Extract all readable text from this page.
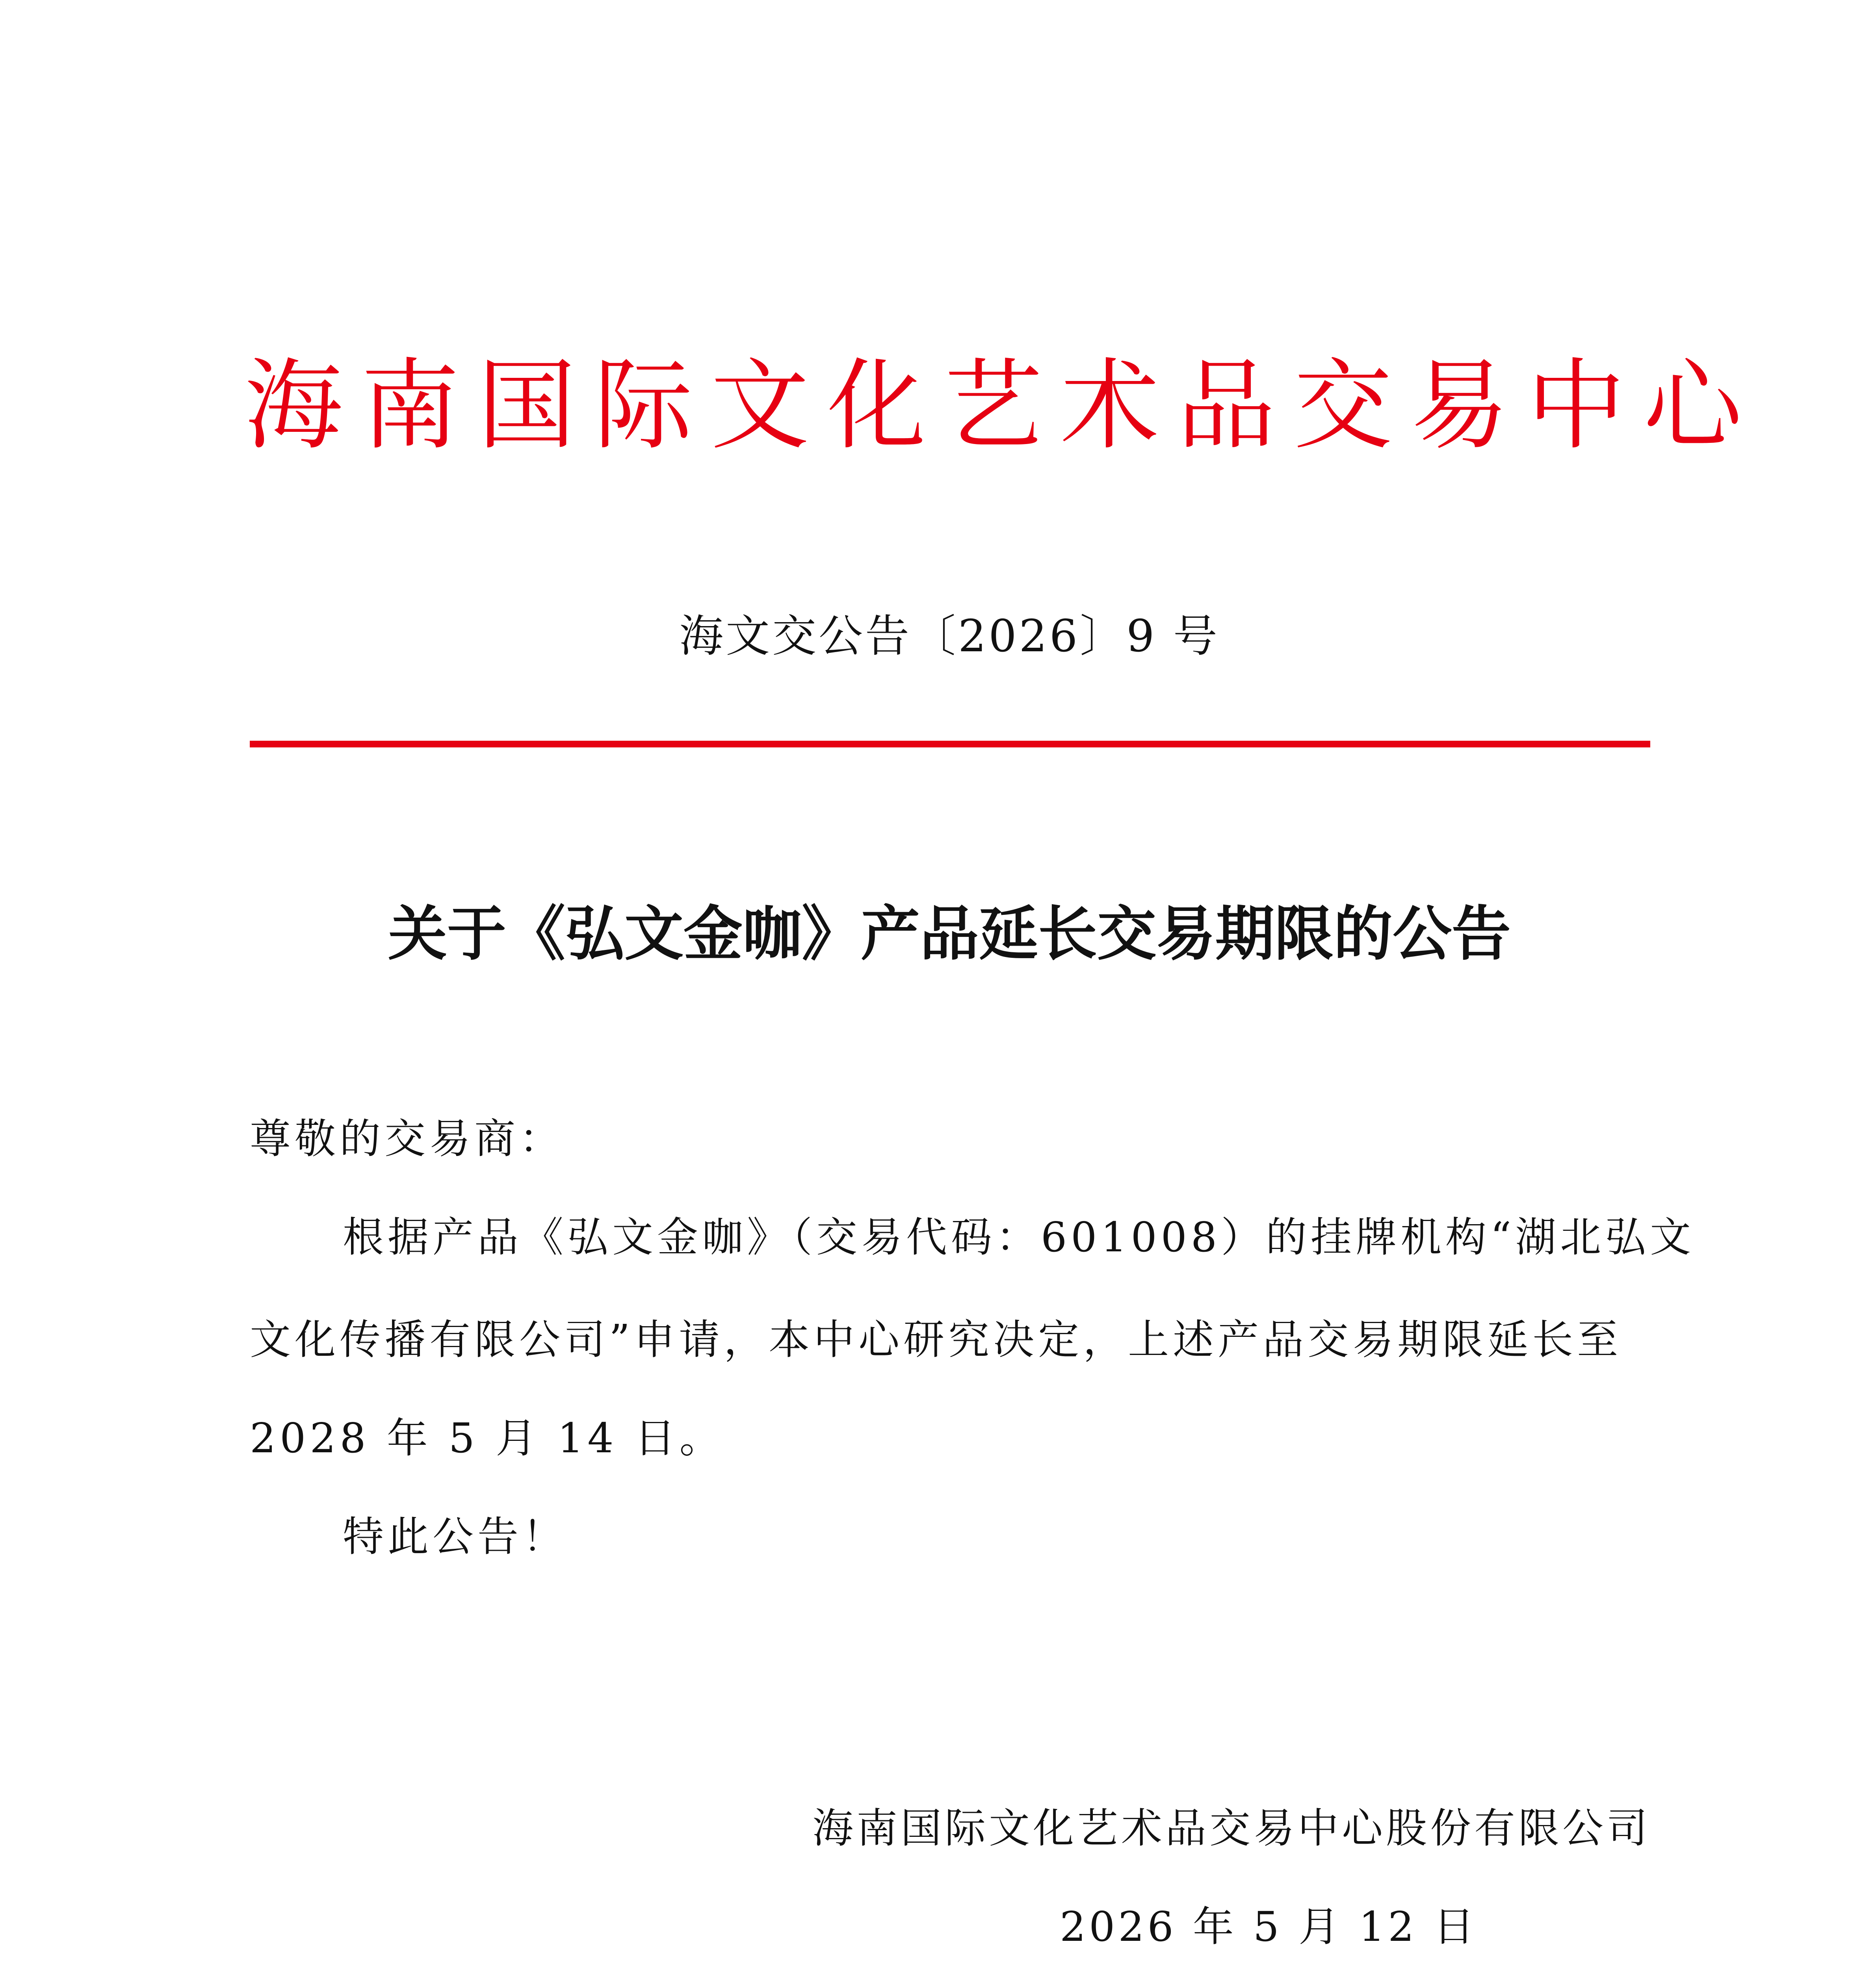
海南国际文化艺术品交易中心
海文交公告〔2026〕9 号
关于《弘文金咖》产品延长交易期限的公告
尊敬的交易商：
根据产品《弘文金咖》（交易代码：601008）的挂牌机构“湖北弘文
文化传播有限公司”申请，本中心研究决定，上述产品交易期限延长至
2028 年 5 月 14 日。
特此公告！
海南国际文化艺术品交易中心股份有限公司
2026 年 5 月 12 日
